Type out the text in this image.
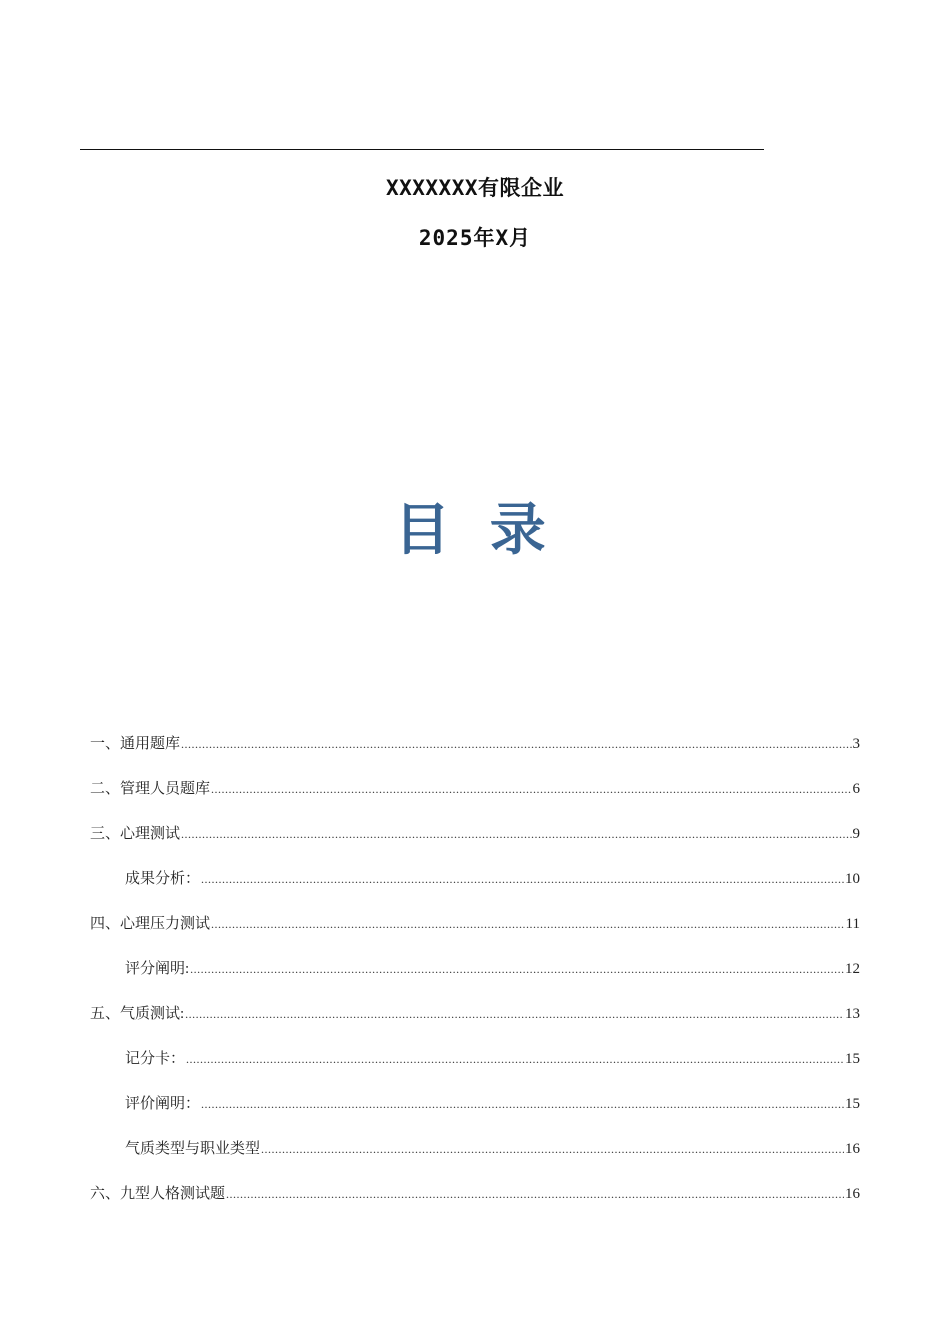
XXXXXXX有限企业
2025年X月
目 录
一、通用题库 .....	3
二、管理人员题库 .....	6
三、心理测试 .....	9
成果分析： .....	10
四、心理压力测试 .....	11
评分阐明: .....	12
五、气质测试: .....	13
记分卡： .....	15
评价阐明： .....	15
气质类型与职业类型 .....	16
六、九型人格测试题 .....	16
